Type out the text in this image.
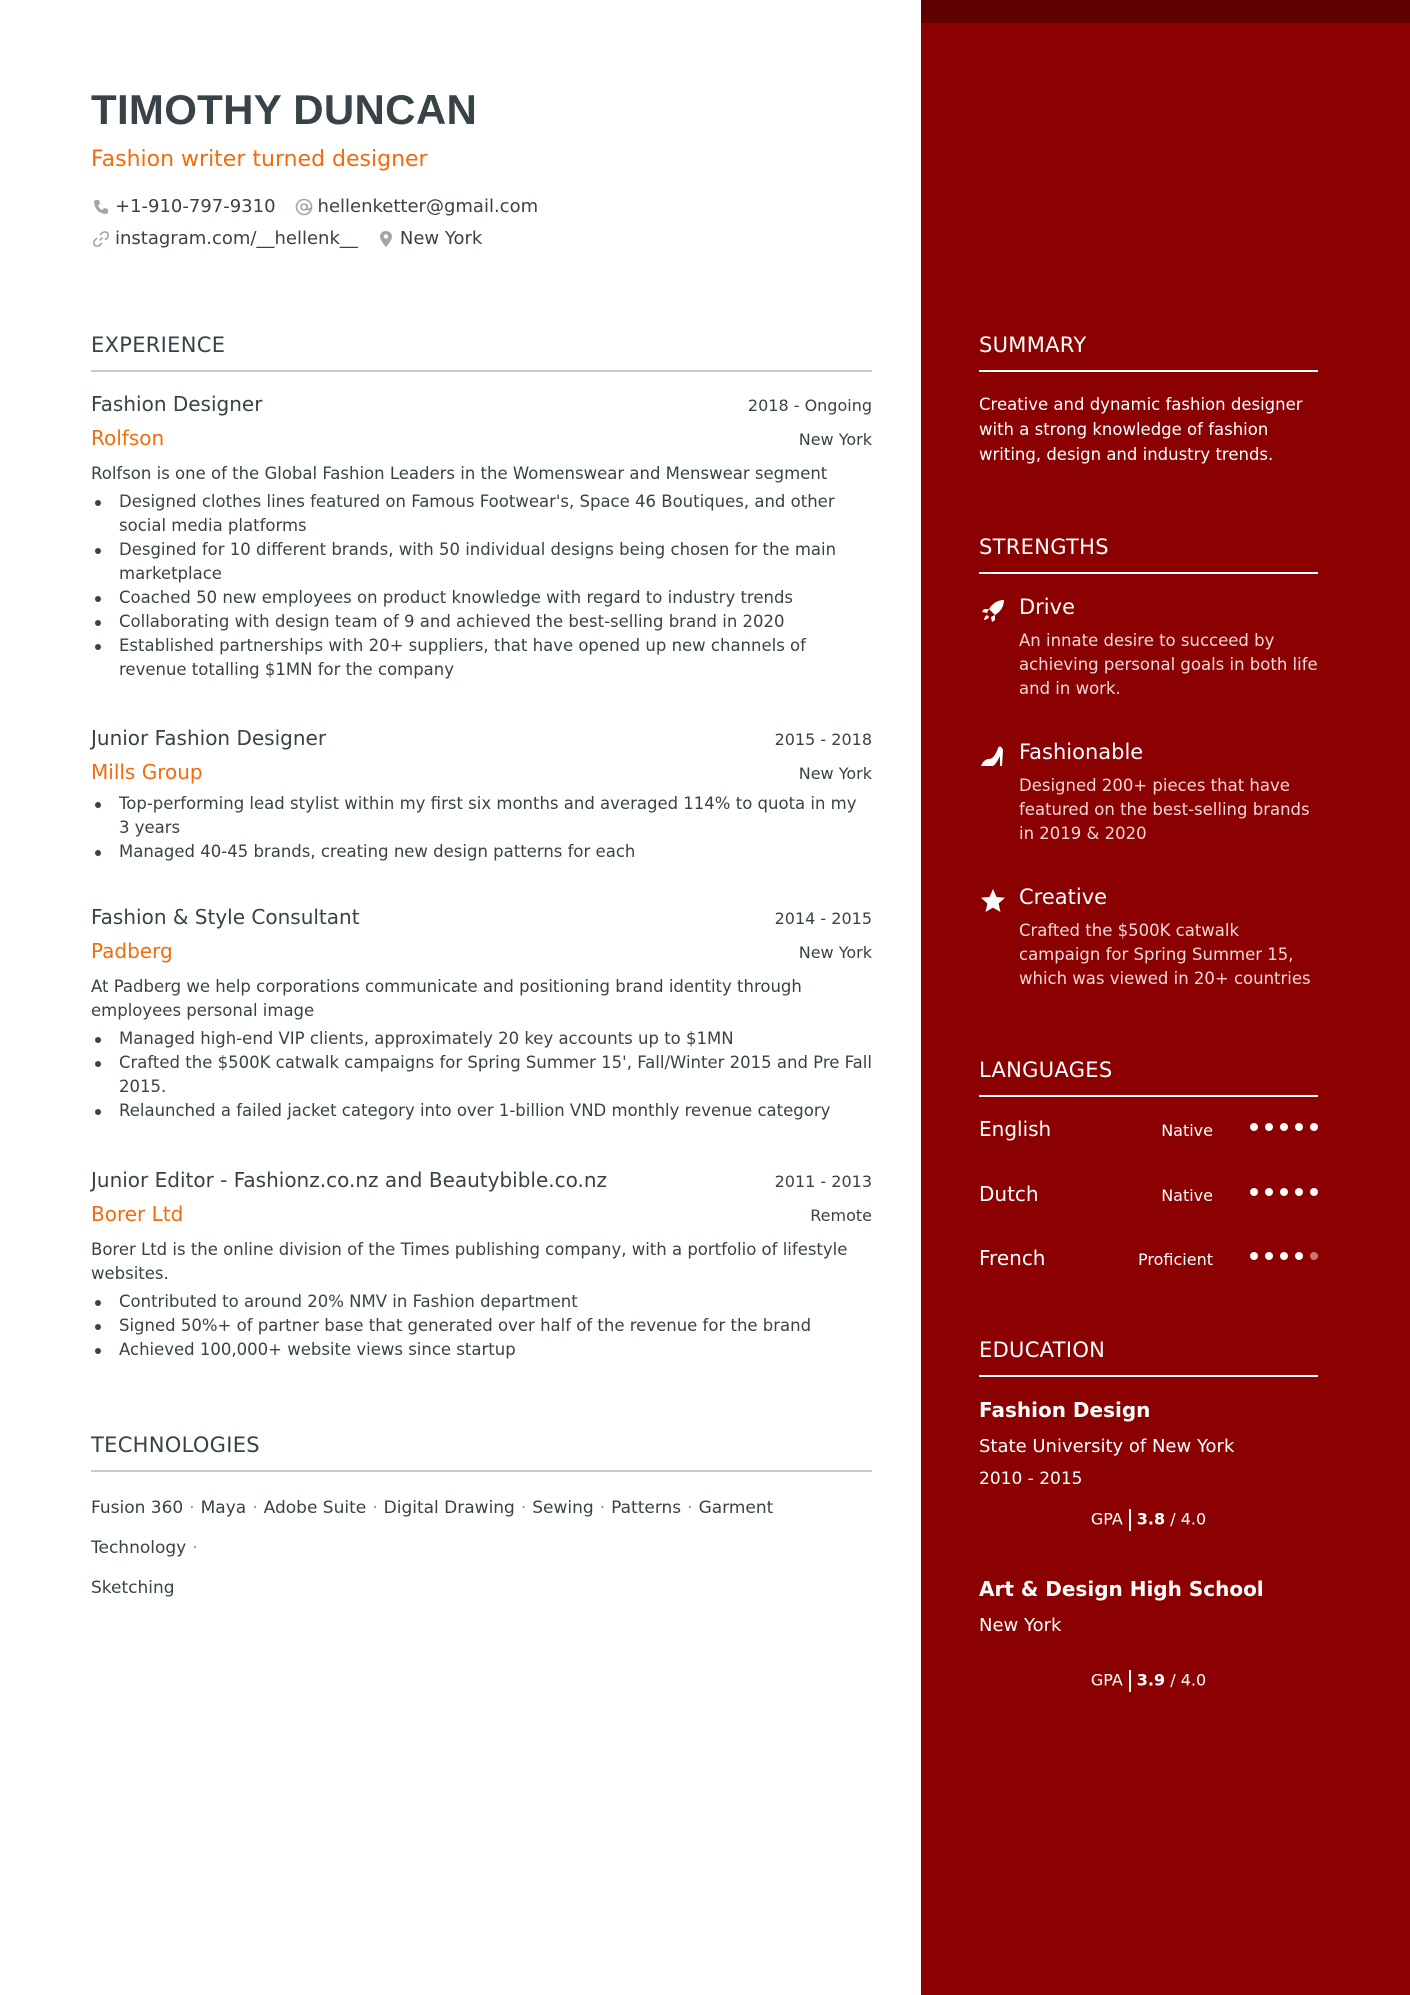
TIMOTHY DUNCAN
Fashion writer turned designer
+1-910-797-9310 hellenketter@gmail.com
instagram.com/__hellenk__ New York
EXPERIENCE
Fashion Designer	2018 - Ongoing
Rolfson	New York
Rolfson is one of the Global Fashion Leaders in the Womenswear and Menswear segment
Designed clothes lines featured on Famous Footwear's, Space 46 Boutiques, and other social media platforms
Desgined for 10 different brands, with 50 individual designs being chosen for the main marketplace
Coached 50 new employees on product knowledge with regard to industry trends
Collaborating with design team of 9 and achieved the best-selling brand in 2020
Established partnerships with 20+ suppliers, that have opened up new channels of revenue totalling $1MN for the company
Junior Fashion Designer	2015 - 2018
Mills Group	New York
Top-performing lead stylist within my first six months and averaged 114% to quota in my 3 years
Managed 40-45 brands, creating new design patterns for each
Fashion & Style Consultant	2014 - 2015
Padberg	New York
At Padberg we help corporations communicate and positioning brand identity through employees personal image
Managed high-end VIP clients, approximately 20 key accounts up to $1MN
Crafted the $500K catwalk campaigns for Spring Summer 15', Fall/Winter 2015 and Pre Fall 2015.
Relaunched a failed jacket category into over 1-billion VND monthly revenue category
Junior Editor - Fashionz.co.nz and Beautybible.co.nz	2011 - 2013
Borer Ltd	Remote
Borer Ltd is the online division of the Times publishing company, with a portfolio of lifestyle websites.
Contributed to around 20% NMV in Fashion department
Signed 50%+ of partner base that generated over half of the revenue for the brand
Achieved 100,000+ website views since startup
TECHNOLOGIES
Fusion 360 · Maya · Adobe Suite · Digital Drawing · Sewing · Patterns · Garment Technology ·
Sketching
SUMMARY
Creative and dynamic fashion designer with a strong knowledge of fashion writing, design and industry trends.
STRENGTHS
Drive
An innate desire to succeed by achieving personal goals in both life and in work.
Fashionable
Designed 200+ pieces that have featured on the best-selling brands in 2019 & 2020
Creative
Crafted the $500K catwalk campaign for Spring Summer 15, which was viewed in 20+ countries
LANGUAGES
English	Native
Dutch	Native
French	Proficient
EDUCATION
Fashion Design
State University of New York
2010 - 2015
GPA 3.8 / 4.0
Art & Design High School
New York
GPA 3.9 / 4.0
